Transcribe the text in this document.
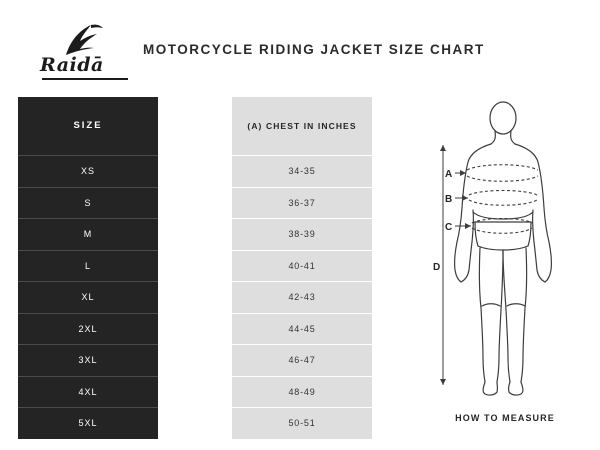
Raidā
MOTORCYCLE RIDING JACKET SIZE CHART
SIZE
XS
S
M
L
XL
2XL
3XL
4XL
5XL
(A) CHEST IN INCHES
34-35
36-37
38-39
40-41
42-43
44-45
46-47
48-49
50-51
A
B
C
D
HOW TO MEASURE
